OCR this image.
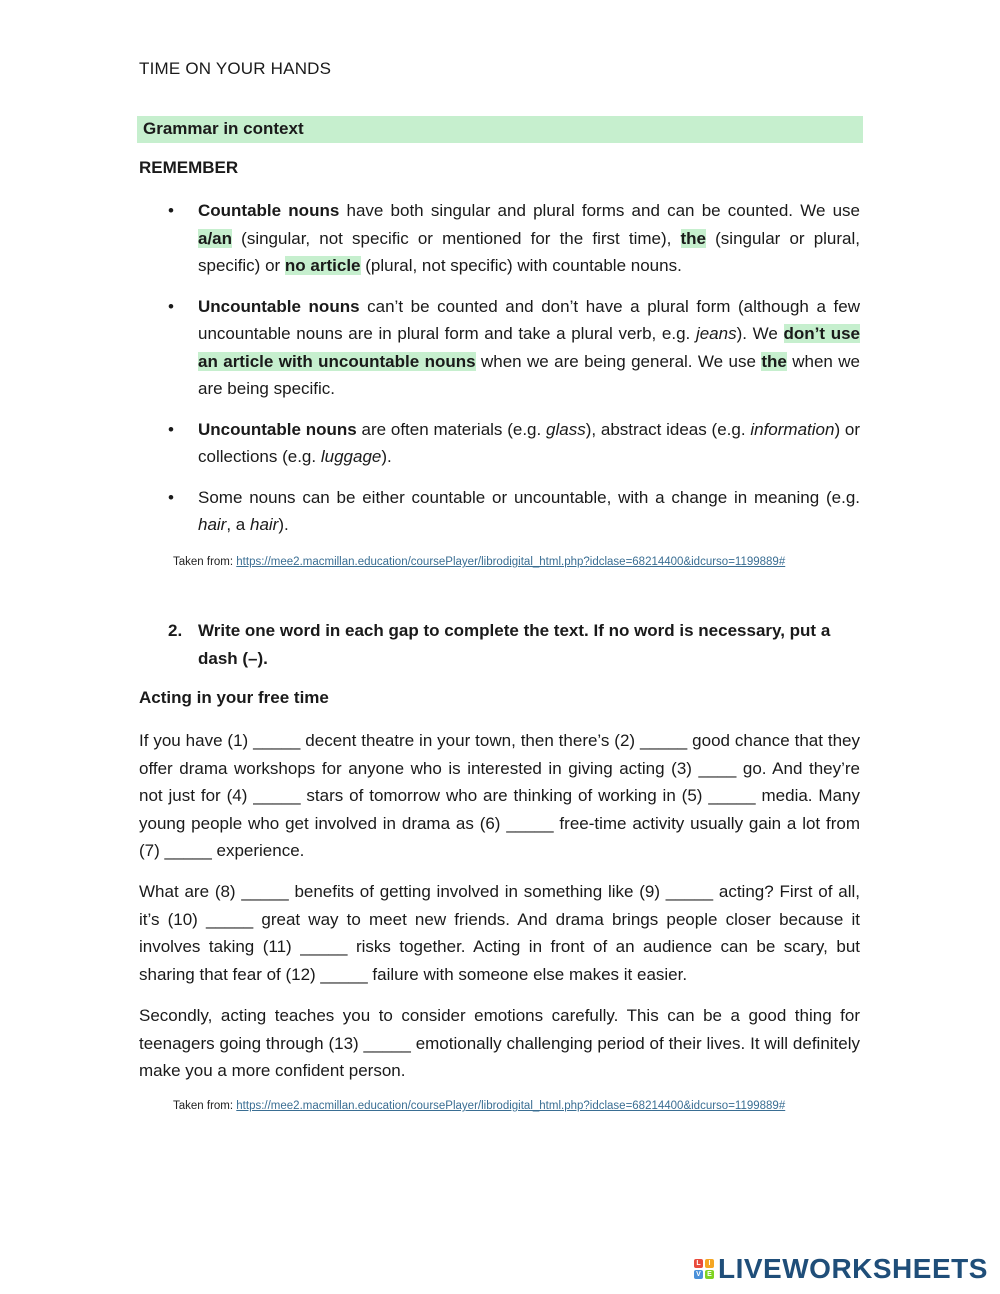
TIME ON YOUR HANDS
Grammar in context
REMEMBER
• Countable nouns have both singular and plural forms and can be counted. We use a/an (singular, not specific or mentioned for the first time), the (singular or plural, specific) or no article (plural, not specific) with countable nouns.

• Uncountable nouns can’t be counted and don’t have a plural form (although a few uncountable nouns are in plural form and take a plural verb, e.g. jeans). We don’t use an article with uncountable nouns when we are being general. We use the when we are being specific.

• Uncountable nouns are often materials (e.g. glass), abstract ideas (e.g. information) or collections (e.g. luggage).

• Some nouns can be either countable or uncountable, with a change in meaning (e.g. hair, a hair).

Taken from: https://mee2.macmillan.education/coursePlayer/librodigital_html.php?idclase=68214400&idcurso=1199889#
2. Write one word in each gap to complete the text. If no word is necessary, put a dash (–).

Acting in your free time

If you have (1) _____ decent theatre in your town, then there’s (2) _____ good chance that they offer drama workshops for anyone who is interested in giving acting (3) ____ go. And they’re not just for (4) _____ stars of tomorrow who are thinking of working in (5) _____ media. Many young people who get involved in drama as (6) _____ free-time activity usually gain a lot from (7) _____ experience.

What are (8) _____ benefits of getting involved in something like (9) _____ acting? First of all, it’s (10) _____ great way to meet new friends. And drama brings people closer because it involves taking (11) _____ risks together. Acting in front of an audience can be scary, but sharing that fear of (12) _____ failure with someone else makes it easier.

Secondly, acting teaches you to consider emotions carefully. This can be a good thing for teenagers going through (13) _____ emotionally challenging period of their lives. It will definitely make you a more confident person.

Taken from: https://mee2.macmillan.education/coursePlayer/librodigital_html.php?idclase=68214400&idcurso=1199889#
L	I
V E LIVEWORKSHEETS
